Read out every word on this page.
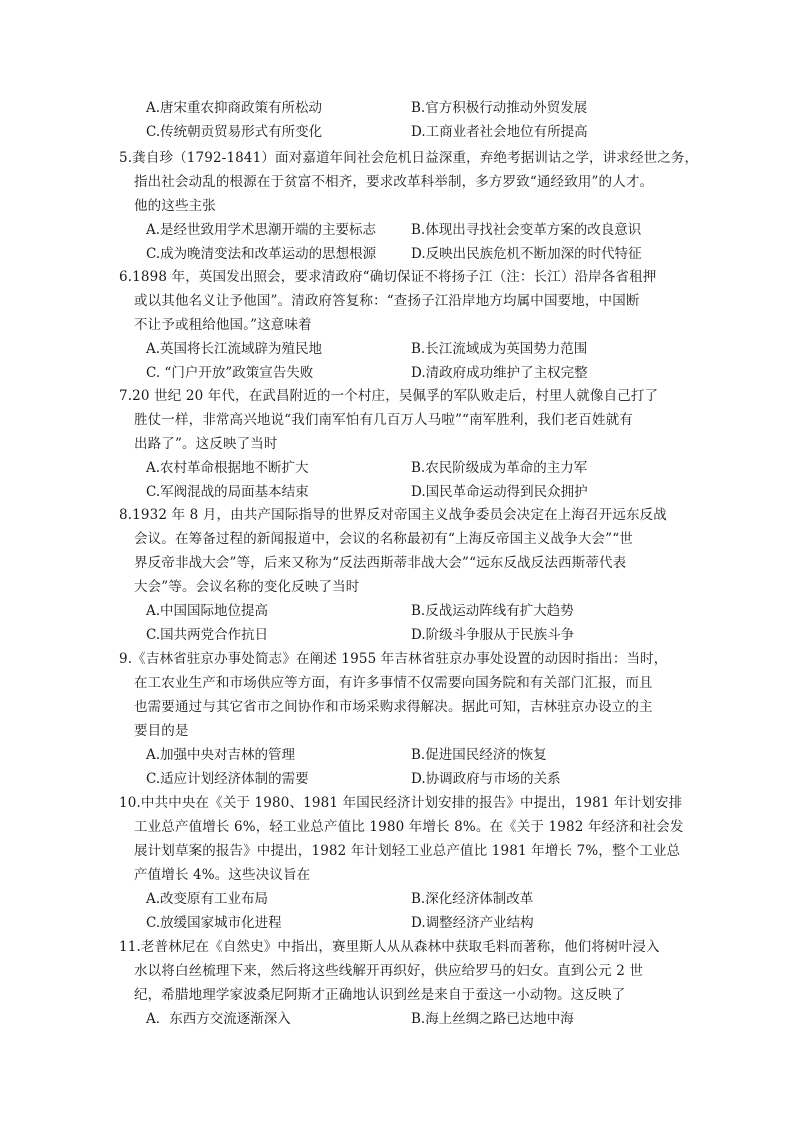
A.唐宋重农抑商政策有所松动	B.官方积极行动推动外贸发展
C.传统朝贡贸易形式有所变化	D.工商业者社会地位有所提高
5.龚自珍（1792-1841）面对嘉道年间社会危机日益深重，弃绝考据训诂之学，讲求经世之务，
指出社会动乱的根源在于贫富不相齐，要求改革科举制，多方罗致“通经致用”的人才。
他的这些主张
A.是经世致用学术思潮开端的主要标志	B.体现出寻找社会变革方案的改良意识
C.成为晚清变法和改革运动的思想根源	D.反映出民族危机不断加深的时代特征
6.1898 年，英国发出照会，要求清政府“确切保证不将扬子江（注：长江）沿岸各省租押
或以其他名义让予他国”。清政府答复称：“查扬子江沿岸地方均属中国要地，中国断
不让予或租给他国。”这意味着
A.英国将长江流域辟为殖民地	B.长江流域成为英国势力范围
C. “门户开放”政策宣告失败	D.清政府成功维护了主权完整
7.20 世纪 20 年代，在武昌附近的一个村庄，吴佩孚的军队败走后，村里人就像自己打了
胜仗一样，非常高兴地说“我们南军怕有几百万人马啦”“南军胜利，我们老百姓就有
出路了”。这反映了当时
A.农村革命根据地不断扩大	B.农民阶级成为革命的主力军
C.军阀混战的局面基本结束	D.国民革命运动得到民众拥护
8.1932 年 8 月，由共产国际指导的世界反对帝国主义战争委员会决定在上海召开远东反战
会议。在筹备过程的新闻报道中，会议的名称最初有“上海反帝国主义战争大会”“世
界反帝非战大会”等，后来又称为“反法西斯蒂非战大会”“远东反战反法西斯蒂代表
大会”等。会议名称的变化反映了当时
A.中国国际地位提高	B.反战运动阵线有扩大趋势
C.国共两党合作抗日	D.阶级斗争服从于民族斗争
9.《吉林省驻京办事处简志》在阐述 1955 年吉林省驻京办事处设置的动因时指出：当时，
在工农业生产和市场供应等方面，有许多事情不仅需要向国务院和有关部门汇报，而且
也需要通过与其它省市之间协作和市场采购求得解决。据此可知，吉林驻京办设立的主
要目的是
A.加强中央对吉林的管理	B.促进国民经济的恢复
C.适应计划经济体制的需要	D.协调政府与市场的关系
10.中共中央在《关于 1980、1981 年国民经济计划安排的报告》中提出，1981 年计划安排
工业总产值增长 6%，轻工业总产值比 1980 年增长 8%。在《关于 1982 年经济和社会发
展计划草案的报告》中提出，1982 年计划轻工业总产值比 1981 年增长 7%，整个工业总
产值增长 4%。这些决议旨在
A.改变原有工业布局	B.深化经济体制改革
C.放缓国家城市化进程	D.调整经济产业结构
11.老普林尼在《自然史》中指出，赛里斯人从从森林中获取毛料而著称，他们将树叶浸入
水以将白丝梳理下来，然后将这些线解开再织好，供应给罗马的妇女。直到公元 2 世
纪，希腊地理学家波桑尼阿斯才正确地认识到丝是来自于蚕这一小动物。这反映了
A．东西方交流逐渐深入	B.海上丝绸之路已达地中海
